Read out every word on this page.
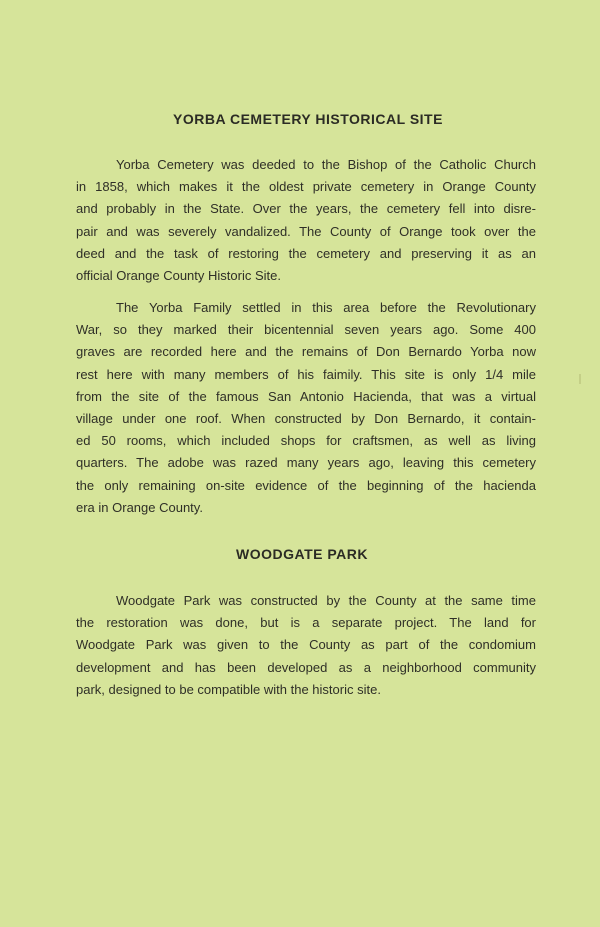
YORBA CEMETERY HISTORICAL SITE

Yorba Cemetery was deeded to the Bishop of the Catholic Church
in 1858, which makes it the oldest private cemetery in Orange County
and probably in the State. Over the years, the cemetery fell into disre-
pair and was severely vandalized. The County of Orange took over the
deed and the task of restoring the cemetery and preserving it as an
official Orange County Historic Site.

The Yorba Family settled in this area before the Revolutionary
War, so they marked their bicentennial seven years ago. Some 400
graves are recorded here and the remains of Don Bernardo Yorba now
rest here with many members of his faimily. This site is only 1/4 mile
from the site of the famous San Antonio Hacienda, that was a virtual
village under one roof. When constructed by Don Bernardo, it contain-
ed 50 rooms, which included shops for craftsmen, as well as living
quarters. The adobe was razed many years ago, leaving this cemetery
the only remaining on-site evidence of the beginning of the hacienda
era in Orange County.

WOODGATE PARK

Woodgate Park was constructed by the County at the same time
the restoration was done, but is a separate project. The land for
Woodgate Park was given to the County as part of the condomium
development and has been developed as a neighborhood community
park, designed to be compatible with the historic site.
